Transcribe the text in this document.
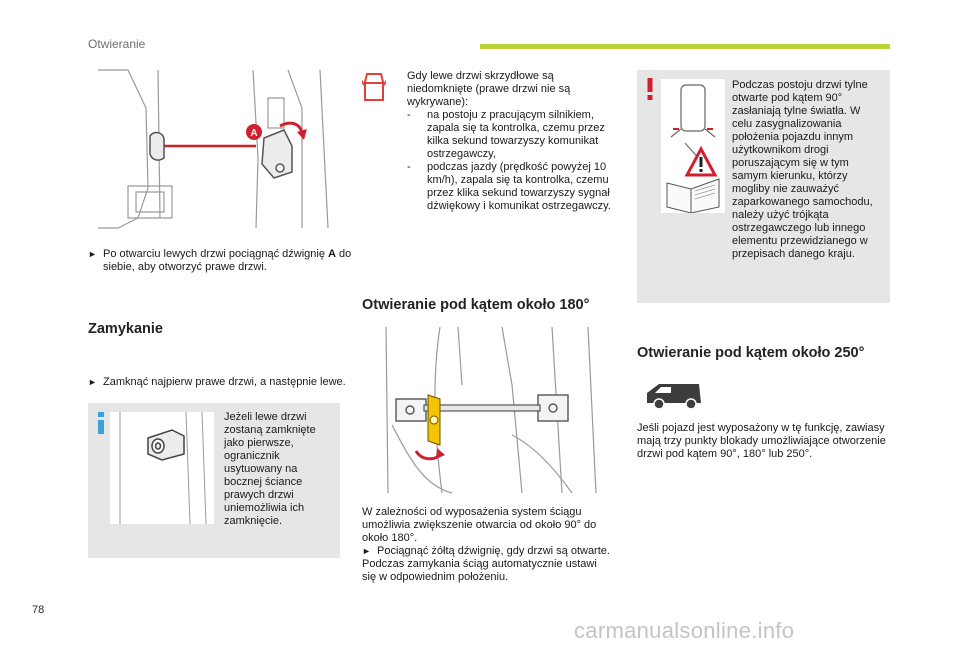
Otwieranie
A
► Po otwarciu lewych drzwi pociągnąć dźwignię A do siebie, aby otworzyć prawe drzwi.
Zamykanie
► Zamknąć najpierw prawe drzwi, a następnie lewe.
Jeżeli lewe drzwi zostaną zamknięte jako pierwsze, ogranicznik usytuowany na bocznej ściance prawych drzwi uniemożliwia ich zamknięcie.
Gdy lewe drzwi skrzydłowe są niedomknięte (prawe drzwi nie są wykrywane):
- na postoju z pracującym silnikiem, zapala się ta kontrolka, czemu przez kilka sekund towarzyszy komunikat ostrzegawczy,
- podczas jazdy (prędkość powyżej 10 km/h), zapala się ta kontrolka, czemu przez klika sekund towarzyszy sygnał dźwiękowy i komunikat ostrzegawczy.
Otwieranie pod kątem około 180°
W zależności od wyposażenia system ściągu umożliwia zwiększenie otwarcia od około 90° do około 180°.
► Pociągnąć żółtą dźwignię, gdy drzwi są otwarte.
Podczas zamykania ściąg automatycznie ustawi się w odpowiednim położeniu.
Podczas postoju drzwi tylne otwarte pod kątem 90° zasłaniają tylne światła. W celu zasygnalizowania położenia pojazdu innym użytkownikom drogi poruszającym się w tym samym kierunku, którzy mogliby nie zauważyć zaparkowanego samochodu, należy użyć trójkąta ostrzegawczego lub innego elementu przewidzianego w przepisach danego kraju.
Otwieranie pod kątem około 250°
Jeśli pojazd jest wyposażony w tę funkcję, zawiasy mają trzy punkty blokady umożliwiające otworzenie drzwi pod kątem 90°, 180° lub 250°.
78
carmanualsonline.info
